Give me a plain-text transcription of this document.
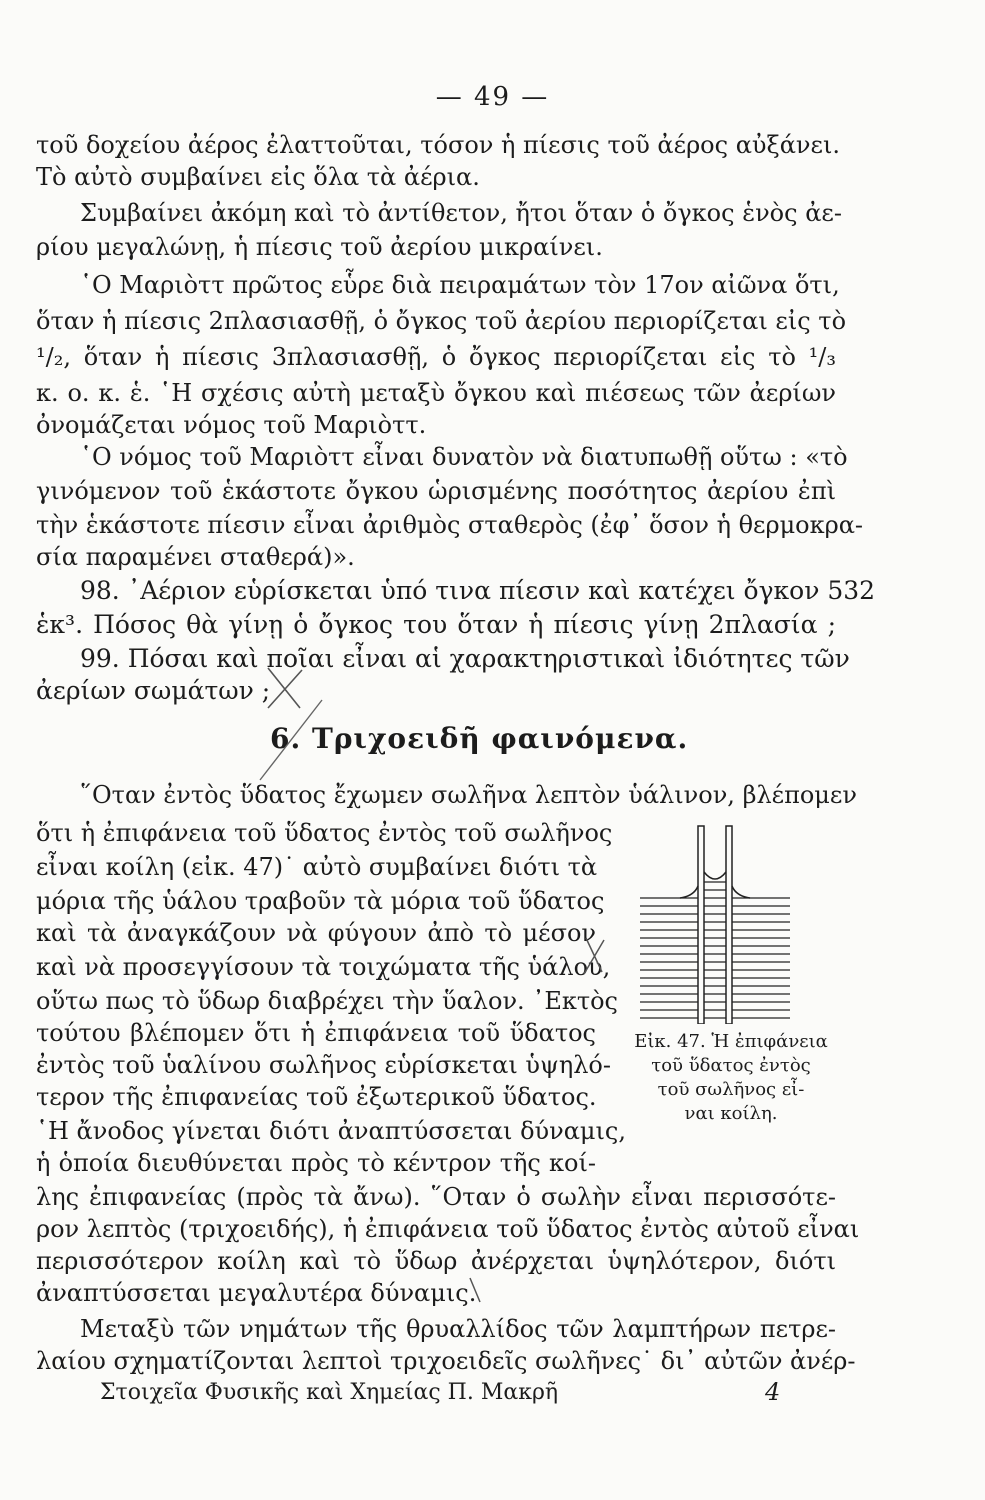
— 49 —
τοῦ δοχείου ἀέρος ἐλαττοῦται, τόσον ἡ πίεσις τοῦ ἀέρος αὐξάνει.
Τὸ αὐτὸ συμβαίνει εἰς ὅλα τὰ ἀέρια.
Συμβαίνει ἀκόμη καὶ τὸ ἀντίθετον, ἤτοι ὅταν ὁ ὄγκος ἑνὸς ἀε-
ρίου μεγαλώνῃ, ἡ πίεσις τοῦ ἀερίου μικραίνει.
῾Ο Μαριὸττ πρῶτος εὗρε διὰ πειραμάτων τὸν 17ον αἰῶνα ὅτι,
ὅταν ἡ πίεσις 2πλασιασθῇ, ὁ ὄγκος τοῦ ἀερίου περιορίζεται εἰς τὸ
¹/₂, ὅταν ἡ πίεσις 3πλασιασθῇ, ὁ ὄγκος περιορίζεται εἰς τὸ ¹/₃
κ. ο. κ. ἑ. ῾Η σχέσις αὐτὴ μεταξὺ ὄγκου καὶ πιέσεως τῶν ἀερίων
ὀνομάζεται νόμος τοῦ Μαριὸττ.
῾Ο νόμος τοῦ Μαριὸττ εἶναι δυνατὸν νὰ διατυπωθῇ οὕτω : «τὸ
γινόμενον τοῦ ἑκάστοτε ὄγκου ὡρισμένης ποσότητος ἀερίου ἐπὶ
τὴν ἑκάστοτε πίεσιν εἶναι ἀριθμὸς σταθερὸς (ἐφ᾽ ὅσον ἡ θερμοκρα-
σία παραμένει σταθερά)».
98. ᾽Αέριον εὑρίσκεται ὑπό τινα πίεσιν καὶ κατέχει ὄγκον 532
ἑκ³. Πόσος θὰ γίνῃ ὁ ὄγκος του ὅταν ἡ πίεσις γίνῃ 2πλασία ;
99. Πόσαι καὶ ποῖαι εἶναι αἱ χαρακτηριστικαὶ ἰδιότητες τῶν
ἀερίων σωμάτων ;
6. Τριχοειδῆ φαινόμενα.
῞Οταν ἐντὸς ὕδατος ἔχωμεν σωλῆνα λεπτὸν ὑάλινον, βλέπομεν
ὅτι ἡ ἐπιφάνεια τοῦ ὕδατος ἐντὸς τοῦ σωλῆνος
εἶναι κοίλη (εἰκ. 47)˙ αὐτὸ συμβαίνει διότι τὰ
μόρια τῆς ὑάλου τραβοῦν τὰ μόρια τοῦ ὕδατος
καὶ τὰ ἀναγκάζουν νὰ φύγουν ἀπὸ τὸ μέσον
καὶ νὰ προσεγγίσουν τὰ τοιχώματα τῆς ὑάλου,
οὕτω πως τὸ ὕδωρ διαβρέχει τὴν ὕαλον. ᾽Εκτὸς
τούτου βλέπομεν ὅτι ἡ ἐπιφάνεια τοῦ ὕδατος
ἐντὸς τοῦ ὑαλίνου σωλῆνος εὑρίσκεται ὑψηλό-
τερον τῆς ἐπιφανείας τοῦ ἐξωτερικοῦ ὕδατος.
῾Η ἄνοδος γίνεται διότι ἀναπτύσσεται δύναμις,
ἡ ὁποία διευθύνεται πρὸς τὸ κέντρον τῆς κοί-
λης ἐπιφανείας (πρὸς τὰ ἄνω). ῞Οταν ὁ σωλὴν εἶναι περισσότε-
ρον λεπτὸς (τριχοειδής), ἡ ἐπιφάνεια τοῦ ὕδατος ἐντὸς αὐτοῦ εἶναι
περισσότερον κοίλη καὶ τὸ ὕδωρ ἀνέρχεται ὑψηλότερον, διότι
ἀναπτύσσεται μεγαλυτέρα δύναμις.
Μεταξὺ τῶν νημάτων τῆς θρυαλλίδος τῶν λαμπτήρων πετρε-
λαίου σχηματίζονται λεπτοὶ τριχοειδεῖς σωλῆνες˙ δι᾽ αὐτῶν ἀνέρ-
Εἰκ. 47. Ἡ ἐπιφάνεια
τοῦ ὕδατος ἐντὸς
τοῦ σωλῆνος εἶ-
ναι κοίλη.
Στοιχεῖα Φυσικῆς καὶ Χημείας Π. Μακρῆ	4
